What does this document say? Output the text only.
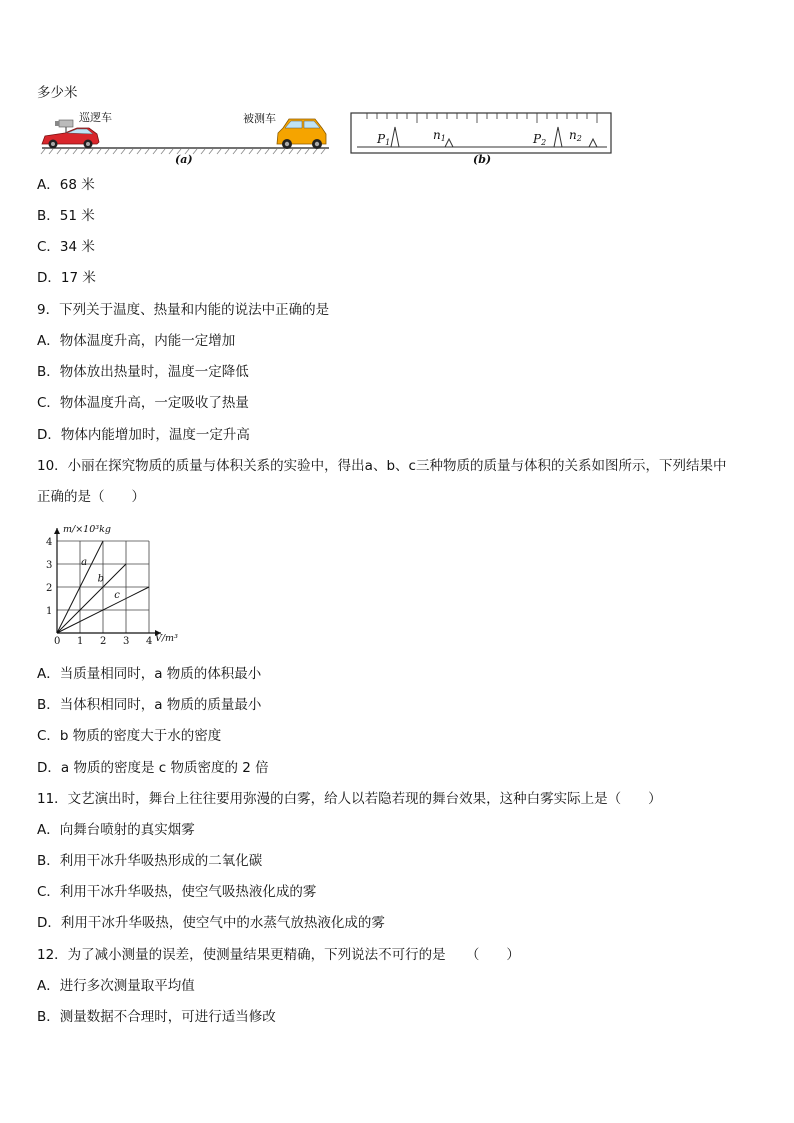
多少米
巡逻车	被测车
(a)
P1
n1	P2
n2
(b)
A．68 米
B．51 米
C．34 米
D．17 米
9．下列关于温度、热量和内能的说法中正确的是
A．物体温度升高，内能一定增加
B．物体放出热量时，温度一定降低
C．物体温度升高，一定吸收了热量
D．物体内能增加时，温度一定升高
10．小丽在探究物质的质量与体积关系的实验中，得出a、b、c三种物质的质量与体积的关系如图所示，下列结果中
正确的是（　　）
0 1 2 3 4
1
2
3
4
m/×10³kg
V/m³
a
b
c
A．当质量相同时，a 物质的体积最小
B．当体积相同时，a 物质的质量最小
C．b 物质的密度大于水的密度
D．a 物质的密度是 c 物质密度的 2 倍
11．文艺演出时，舞台上往往要用弥漫的白雾，给人以若隐若现的舞台效果，这种白雾实际上是（　　）
A．向舞台喷射的真实烟雾
B．利用干冰升华吸热形成的二氧化碳
C．利用干冰升华吸热，使空气吸热液化成的雾
D．利用干冰升华吸热，使空气中的水蒸气放热液化成的雾
12．为了减小测量的误差，使测量结果更精确，下列说法不可行的是　　（　　）
A．进行多次测量取平均值
B．测量数据不合理时，可进行适当修改
